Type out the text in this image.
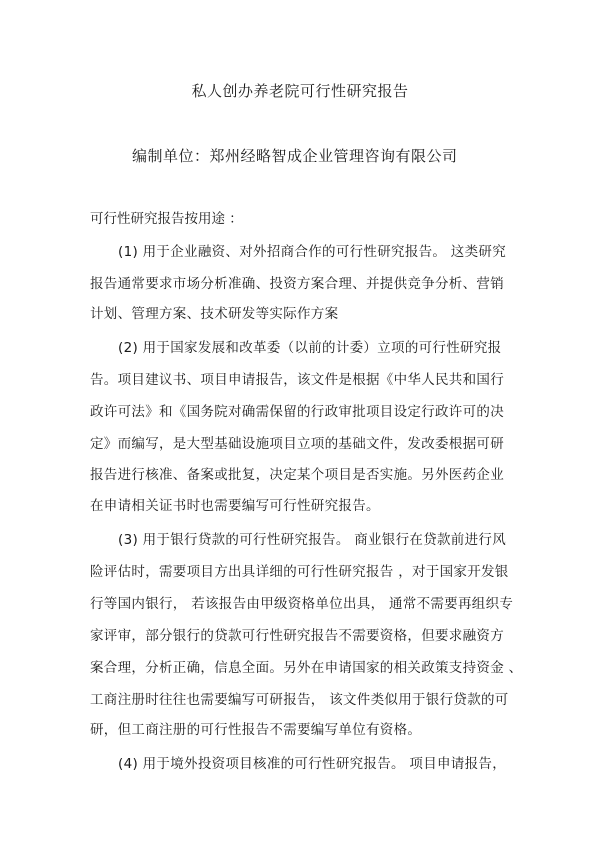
私人创办养老院可行性研究报告
编制单位：郑州经略智成企业管理咨询有限公司
可行性研究报告按用途 ：
(1) 用于企业融资、对外招商合作的可行性研究报告。 这类研究
报告通常要求市场分析准确、投资方案合理、并提供竞争分析、营销
计划、管理方案、技术研发等实际作方案
(2) 用于国家发展和改革委（以前的计委）立项的可行性研究报
告。项目建议书、项目申请报告，该文件是根据《中华人民共和国行
政许可法》和《国务院对确需保留的行政审批项目设定行政许可的决
定》而编写，是大型基础设施项目立项的基础文件，发改委根据可研
报告进行核准、备案或批复，决定某个项目是否实施。另外医药企业
在申请相关证书时也需要编写可行性研究报告。
(3) 用于银行贷款的可行性研究报告。 商业银行在贷款前进行风
险评估时，需要项目方出具详细的可行性研究报告 ，对于国家开发银
行等国内银行， 若该报告由甲级资格单位出具， 通常不需要再组织专
家评审，部分银行的贷款可行性研究报告不需要资格，但要求融资方
案合理，分析正确，信息全面。另外在申请国家的相关政策支持资金 、
工商注册时往往也需要编写可研报告， 该文件类似用于银行贷款的可
研，但工商注册的可行性报告不需要编写单位有资格。
(4) 用于境外投资项目核准的可行性研究报告。 项目申请报告，
